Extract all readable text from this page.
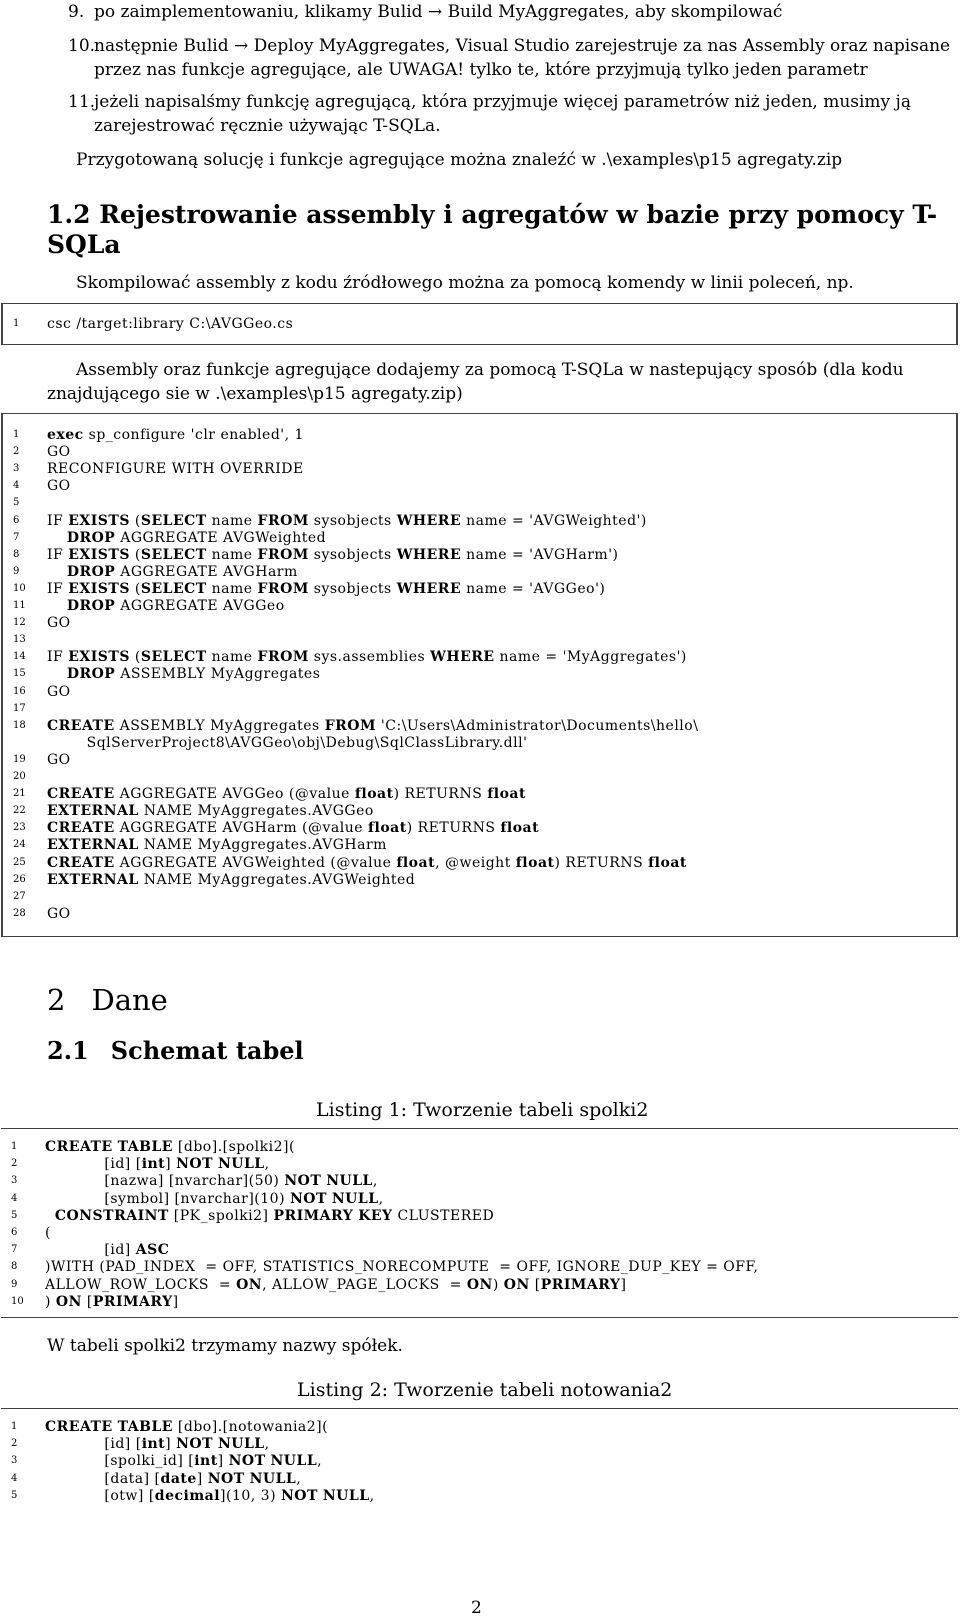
9. po zaimplementowaniu, klikamy Bulid → Build MyAggregates, aby skompilować
10.następnie Bulid → Deploy MyAggregates, Visual Studio zarejestruje za nas Assembly oraz napisane
przez nas funkcje agregujące, ale UWAGA! tylko te, które przyjmują tylko jeden parametr
11.jeżeli napisalśmy funkcję agregującą, która przyjmuje więcej parametrów niż jeden, musimy ją
zarejestrować ręcznie używając T-SQLa.
Przygotowaną solucję i funkcje agregujące można znaleźć w .\examples\p15 agregaty.zip
1.2 Rejestrowanie assembly i agregatów w bazie przy pomocy T-
SQLa
Skompilować assembly z kodu źródłowego można za pomocą komendy w linii poleceń, np.
1	csc /target:library C:\AVGGeo.cs
Assembly oraz funkcje agregujące dodajemy za pomocą T-SQLa w nastepujący sposób (dla kodu
znajdującego sie w .\examples\p15 agregaty.zip)
1	exec sp_configure 'clr enabled', 1
2	GO
3	RECONFIGURE WITH OVERRIDE
4	GO
5
6	IF EXISTS (SELECT name FROM sysobjects WHERE name = 'AVGWeighted')
7	DROP AGGREGATE AVGWeighted
8	IF EXISTS (SELECT name FROM sysobjects WHERE name = 'AVGHarm')
9	DROP AGGREGATE AVGHarm
10	IF EXISTS (SELECT name FROM sysobjects WHERE name = 'AVGGeo')
11	DROP AGGREGATE AVGGeo
12	GO
13
14	IF EXISTS (SELECT name FROM sys.assemblies WHERE name = 'MyAggregates')
15	DROP ASSEMBLY MyAggregates
16	GO
17
18	CREATE ASSEMBLY MyAggregates FROM 'C:\Users\Administrator\Documents\hello\
SqlServerProject8\AVGGeo\obj\Debug\SqlClassLibrary.dll'
19	GO
20
21	CREATE AGGREGATE AVGGeo (@value float) RETURNS float
22	EXTERNAL NAME MyAggregates.AVGGeo
23	CREATE AGGREGATE AVGHarm (@value float) RETURNS float
24	EXTERNAL NAME MyAggregates.AVGHarm
25	CREATE AGGREGATE AVGWeighted (@value float, @weight float) RETURNS float
26	EXTERNAL NAME MyAggregates.AVGWeighted
27
28	GO
2 Dane
2.1 Schemat tabel
Listing 1: Tworzenie tabeli spolki2
1	CREATE TABLE [dbo].[spolki2](
2	[id] [int] NOT NULL,
3	[nazwa] [nvarchar](50) NOT NULL,
4	[symbol] [nvarchar](10) NOT NULL,
5	CONSTRAINT [PK_spolki2] PRIMARY KEY CLUSTERED
6	(
7	[id] ASC
8	)WITH (PAD_INDEX  = OFF, STATISTICS_NORECOMPUTE  = OFF, IGNORE_DUP_KEY = OFF,
9	ALLOW_ROW_LOCKS  = ON, ALLOW_PAGE_LOCKS  = ON) ON [PRIMARY]
10	) ON [PRIMARY]
W tabeli spolki2 trzymamy nazwy spółek.
Listing 2: Tworzenie tabeli notowania2
1	CREATE TABLE [dbo].[notowania2](
2	[id] [int] NOT NULL,
3	[spolki_id] [int] NOT NULL,
4	[data] [date] NOT NULL,
5	[otw] [decimal](10, 3) NOT NULL,
2
